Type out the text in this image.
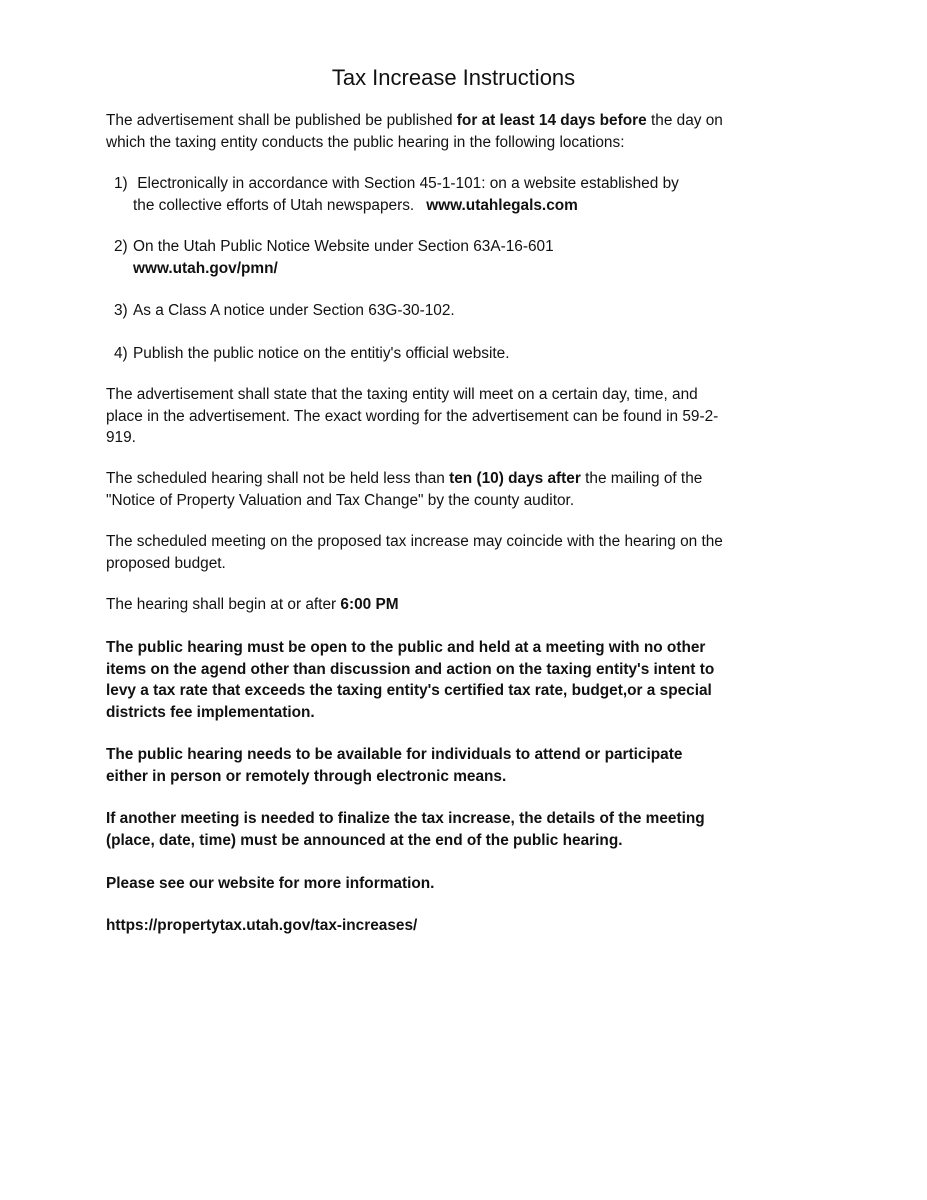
Tax Increase Instructions
The advertisement shall be published be published for at least 14 days before the day on which the taxing entity conducts the public hearing in the following locations:
1) Electronically in accordance with Section 45-1-101: on a website established by
the collective efforts of Utah newspapers. www.utahlegals.com
2) On the Utah Public Notice Website under Section 63A-16-601
www.utah.gov/pmn/
3) As a Class A notice under Section 63G-30-102.
4) Publish the public notice on the entitiy's official website.
The advertisement shall state that the taxing entity will meet on a certain day, time, and place in the advertisement. The exact wording for the advertisement can be found in 59-2-919.
The scheduled hearing shall not be held less than ten (10) days after the mailing of the "Notice of Property Valuation and Tax Change" by the county auditor.
The scheduled meeting on the proposed tax increase may coincide with the hearing on the proposed budget.
The hearing shall begin at or after 6:00 PM
The public hearing must be open to the public and held at a meeting with no other items on the agend other than discussion and action on the taxing entity's intent to levy a tax rate that exceeds the taxing entity's certified tax rate, budget,or a special districts fee implementation.
The public hearing needs to be available for individuals to attend or participate either in person or remotely through electronic means.
If another meeting is needed to finalize the tax increase, the details of the meeting (place, date, time) must be announced at the end of the public hearing.
Please see our website for more information.
https://propertytax.utah.gov/tax-increases/
